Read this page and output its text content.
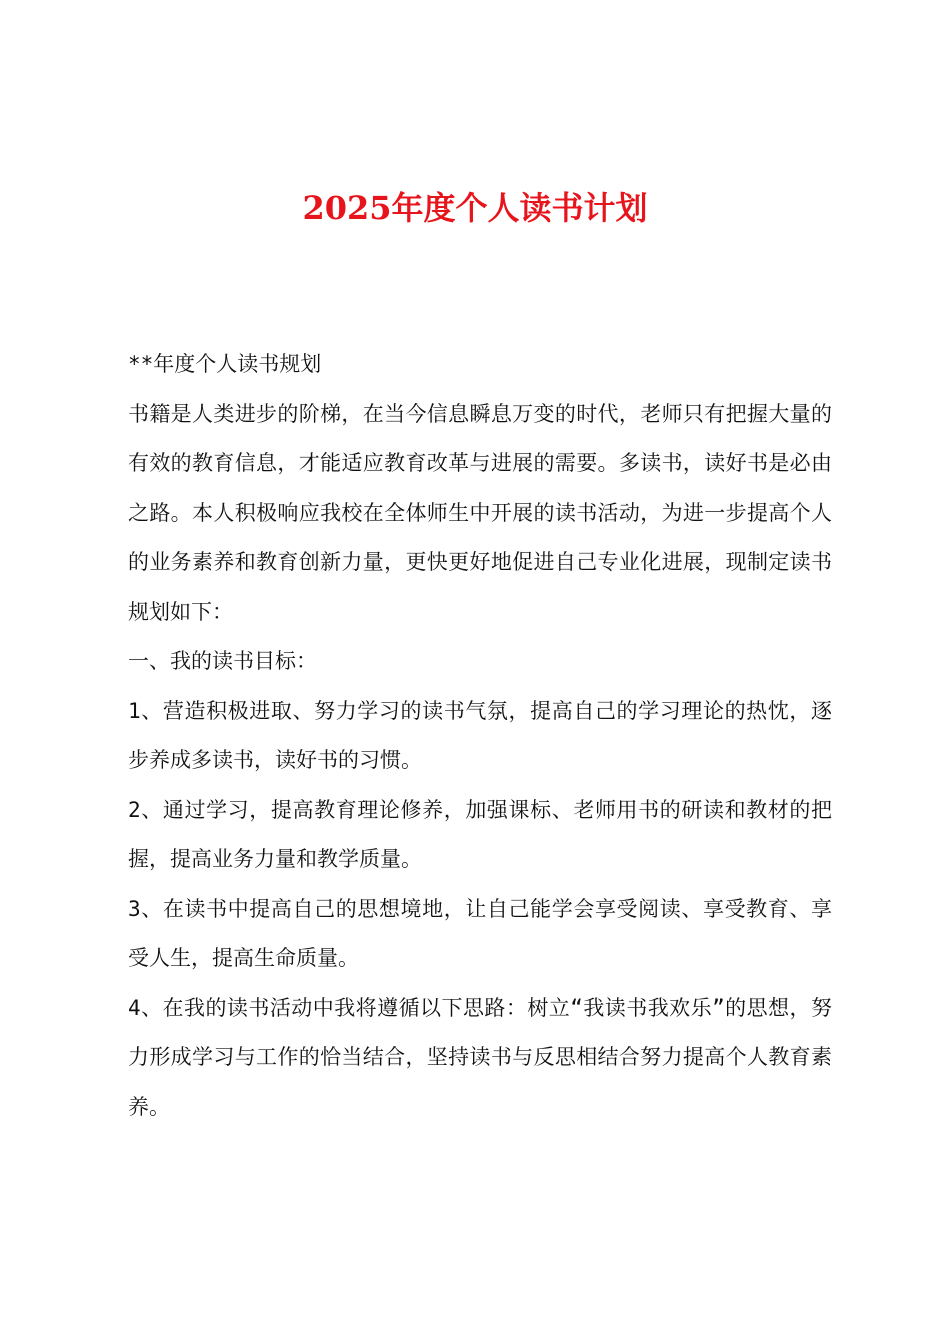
2025年度个人读书计划

**年度个人读书规划

书籍是人类进步的阶梯，在当今信息瞬息万变的时代，老师只有把握大量的有效的教育信息，才能适应教育改革与进展的需要。多读书，读好书是必由之路。本人积极响应我校在全体师生中开展的读书活动，为进一步提高个人的业务素养和教育创新力量，更快更好地促进自己专业化进展，现制定读书规划如下：

一、我的读书目标：

1、营造积极进取、努力学习的读书气氛，提高自己的学习理论的热忱，逐步养成多读书，读好书的习惯。

2、通过学习，提高教育理论修养，加强课标、老师用书的研读和教材的把握，提高业务力量和教学质量。

3、在读书中提高自己的思想境地，让自己能学会享受阅读、享受教育、享受人生，提高生命质量。

4、在我的读书活动中我将遵循以下思路：树立“我读书我欢乐”的思想，努力形成学习与工作的恰当结合，坚持读书与反思相结合努力提高个人教育素养。
